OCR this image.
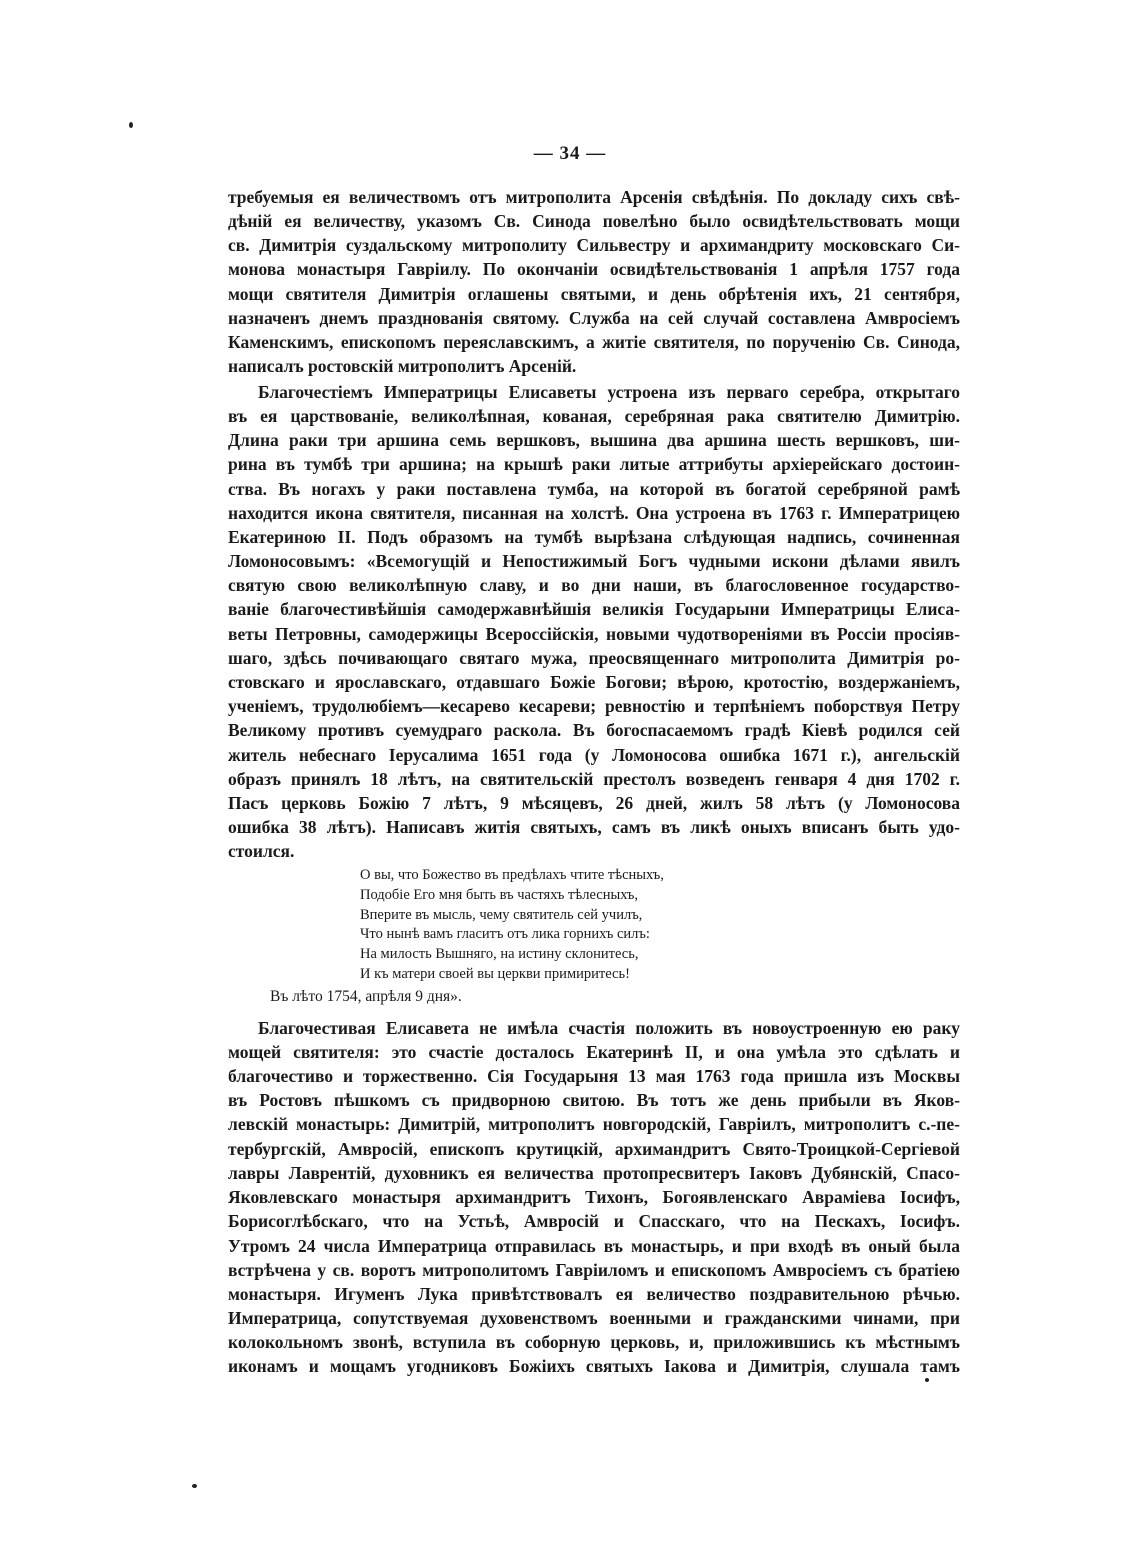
— 34 —
требуемыя ея величествомъ отъ митрополита Арсенія свѣдѣнія. По докладу сихъ свѣ-
дѣній ея величеству, указомъ Св. Синода повелѣно было освидѣтельствовать мощи
св. Димитрія суздальскому митрополиту Сильвестру и архимандриту московскаго Си-
монова монастыря Гавріилу. По окончаніи освидѣтельствованія 1 апрѣля 1757 года
мощи святителя Димитрія оглашены святыми, и день обрѣтенія ихъ, 21 сентября,
назначенъ днемъ празднованія святому. Служба на сей случай составлена Амвросіемъ
Каменскимъ, епископомъ переяславскимъ, а житіе святителя, по порученію Св. Синода,
написалъ ростовскій митрополитъ Арсеній.
Благочестіемъ Императрицы Елисаветы устроена изъ перваго серебра, открытаго
въ ея царствованіе, великолѣпная, кованая, серебряная рака святителю Димитрію.
Длина раки три аршина семь вершковъ, вышина два аршина шесть вершковъ, ши-
рина въ тумбѣ три аршина; на крышѣ раки литые аттрибуты архіерейскаго достоин-
ства. Въ ногахъ у раки поставлена тумба, на которой въ богатой серебряной рамѣ
находится икона святителя, писанная на холстѣ. Она устроена въ 1763 г. Императрицею
Екатериною II. Подъ образомъ на тумбѣ вырѣзана слѣдующая надпись, сочиненная
Ломоносовымъ: «Всемогущій и Непостижимый Богъ чудными искони дѣлами явилъ
святую свою великолѣпную славу, и во дни наши, въ благословенное государство-
ваніе благочестивѣйшія самодержавнѣйшія великія Государыни Императрицы Елиса-
веты Петровны, самодержицы Всероссійскія, новыми чудотвореніями въ Россіи просіяв-
шаго, здѣсь почивающаго святаго мужа, преосвященнаго митрополита Димитрія ро-
стовскаго и ярославскаго, отдавшаго Божіе Богови; вѣрою, кротостію, воздержаніемъ,
ученіемъ, трудолюбіемъ—кесарево кесареви; ревностію и терпѣніемъ поборствуя Петру
Великому противъ суемудраго раскола. Въ богоспасаемомъ градѣ Кіевѣ родился сей
житель небеснаго Іерусалима 1651 года (у Ломоносова ошибка 1671 г.), ангельскій
образъ принялъ 18 лѣтъ, на святительскій престолъ возведенъ генваря 4 дня 1702 г.
Пасъ церковь Божію 7 лѣтъ, 9 мѣсяцевъ, 26 дней, жилъ 58 лѣтъ (у Ломоносова
ошибка 38 лѣтъ). Написавъ житія святыхъ, самъ въ ликѣ оныхъ вписанъ быть удо-
стоился.
О вы, что Божество въ предѣлахъ чтите тѣсныхъ,
Подобіе Его мня быть въ частяхъ тѣлесныхъ,
Вперите въ мысль, чему святитель сей училъ,
Что нынѣ вамъ гласитъ отъ лика горнихъ силъ:
На милость Вышняго, на истину склонитесь,
И къ матери своей вы церкви примиритесь!
Въ лѣто 1754, апрѣля 9 дня».
Благочестивая Елисавета не имѣла счастія положить въ новоустроенную ею раку
мощей святителя: это счастіе досталось Екатеринѣ II, и она умѣла это сдѣлать и
благочестиво и торжественно. Сія Государыня 13 мая 1763 года пришла изъ Москвы
въ Ростовъ пѣшкомъ съ придворною свитою. Въ тотъ же день прибыли въ Яков-
левскій монастырь: Димитрій, митрополитъ новгородскій, Гавріилъ, митрополитъ с.-пе-
тербургскій, Амвросій, епископъ крутицкій, архимандритъ Свято-Троицкой-Сергіевой
лавры Лаврентій, духовникъ ея величества протопресвитеръ Іаковъ Дубянскій, Спасо-
Яковлевскаго монастыря архимандритъ Тихонъ, Богоявленскаго Авраміева Іосифъ,
Борисоглѣбскаго, что на Устьѣ, Амвросій и Спасскаго, что на Пескахъ, Іосифъ.
Утромъ 24 числа Императрица отправилась въ монастырь, и при входѣ въ оный была
встрѣчена у св. воротъ митрополитомъ Гавріиломъ и епископомъ Амвросіемъ съ братіею
монастыря. Игуменъ Лука привѣтствовалъ ея величество поздравительною рѣчью.
Императрица, сопутствуемая духовенствомъ военными и гражданскими чинами, при
колокольномъ звонѣ, вступила въ соборную церковь, и, приложившись къ мѣстнымъ
иконамъ и мощамъ угодниковъ Божіихъ святыхъ Іакова и Димитрія, слушала тамъ
